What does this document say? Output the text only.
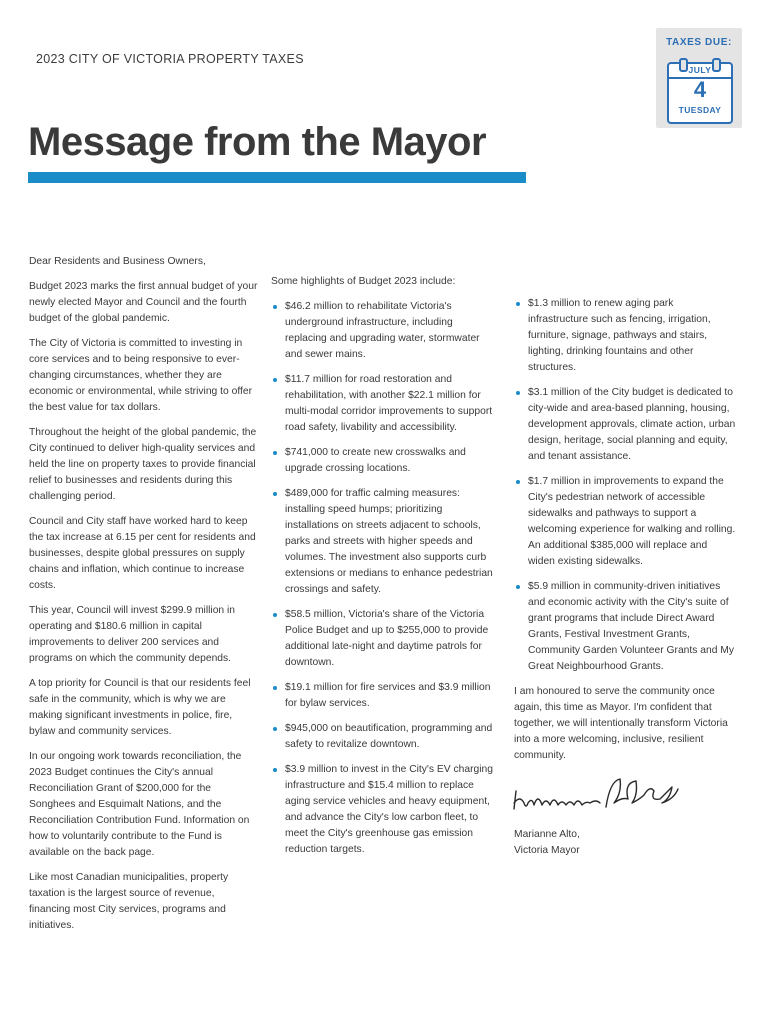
2023 CITY OF VICTORIA PROPERTY TAXES
TAXES DUE:
JULY
4
TUESDAY
Message from the Mayor

Dear Residents and Business Owners,

Budget 2023 marks the first annual budget of your newly elected Mayor and Council and the fourth budget of the global pandemic.

The City of Victoria is committed to investing in core services and to being responsive to ever-changing circumstances, whether they are economic or environmental, while striving to offer the best value for tax dollars.

Throughout the height of the global pandemic, the City continued to deliver high-quality services and held the line on property taxes to provide financial relief to businesses and residents during this challenging period.

Council and City staff have worked hard to keep the tax increase at 6.15 per cent for residents and businesses, despite global pressures on supply chains and inflation, which continue to increase costs.

This year, Council will invest $299.9 million in operating and $180.6 million in capital improvements to deliver 200 services and programs on which the community depends.

A top priority for Council is that our residents feel safe in the community, which is why we are making significant investments in police, fire, bylaw and community services.

In our ongoing work towards reconciliation, the 2023 Budget continues the City's annual Reconciliation Grant of $200,000 for the Songhees and Esquimalt Nations, and the Reconciliation Contribution Fund. Information on how to voluntarily contribute to the Fund is available on the back page.

Like most Canadian municipalities, property taxation is the largest source of revenue, financing most City services, programs and initiatives.

Some highlights of Budget 2023 include:

$46.2 million to rehabilitate Victoria's underground infrastructure, including replacing and upgrading water, stormwater and sewer mains.
$11.7 million for road restoration and rehabilitation, with another $22.1 million for multi-modal corridor improvements to support road safety, livability and accessibility.
$741,000 to create new crosswalks and upgrade crossing locations.
$489,000 for traffic calming measures: installing speed humps; prioritizing installations on streets adjacent to schools, parks and streets with higher speeds and volumes. The investment also supports curb extensions or medians to enhance pedestrian crossings and safety.
$58.5 million, Victoria's share of the Victoria Police Budget and up to $255,000 to provide additional late-night and daytime patrols for downtown.
$19.1 million for fire services and $3.9 million for bylaw services.
$945,000 on beautification, programming and safety to revitalize downtown.
$3.9 million to invest in the City's EV charging infrastructure and $15.4 million to replace aging service vehicles and heavy equipment, and advance the City's low carbon fleet, to meet the City's greenhouse gas emission reduction targets.
$1.3 million to renew aging park infrastructure such as fencing, irrigation, furniture, signage, pathways and stairs, lighting, drinking fountains and other structures.
$3.1 million of the City budget is dedicated to city-wide and area-based planning, housing, development approvals, climate action, urban design, heritage, social planning and equity, and tenant assistance.
$1.7 million in improvements to expand the City's pedestrian network of accessible sidewalks and pathways to support a welcoming experience for walking and rolling. An additional $385,000 will replace and widen existing sidewalks.
$5.9 million in community-driven initiatives and economic activity with the City's suite of grant programs that include Direct Award Grants, Festival Investment Grants, Community Garden Volunteer Grants and My Great Neighbourhood Grants.

I am honoured to serve the community once again, this time as Mayor. I'm confident that together, we will intentionally transform Victoria into a more welcoming, inclusive, resilient community.

Marianne Alto,

Victoria Mayor
